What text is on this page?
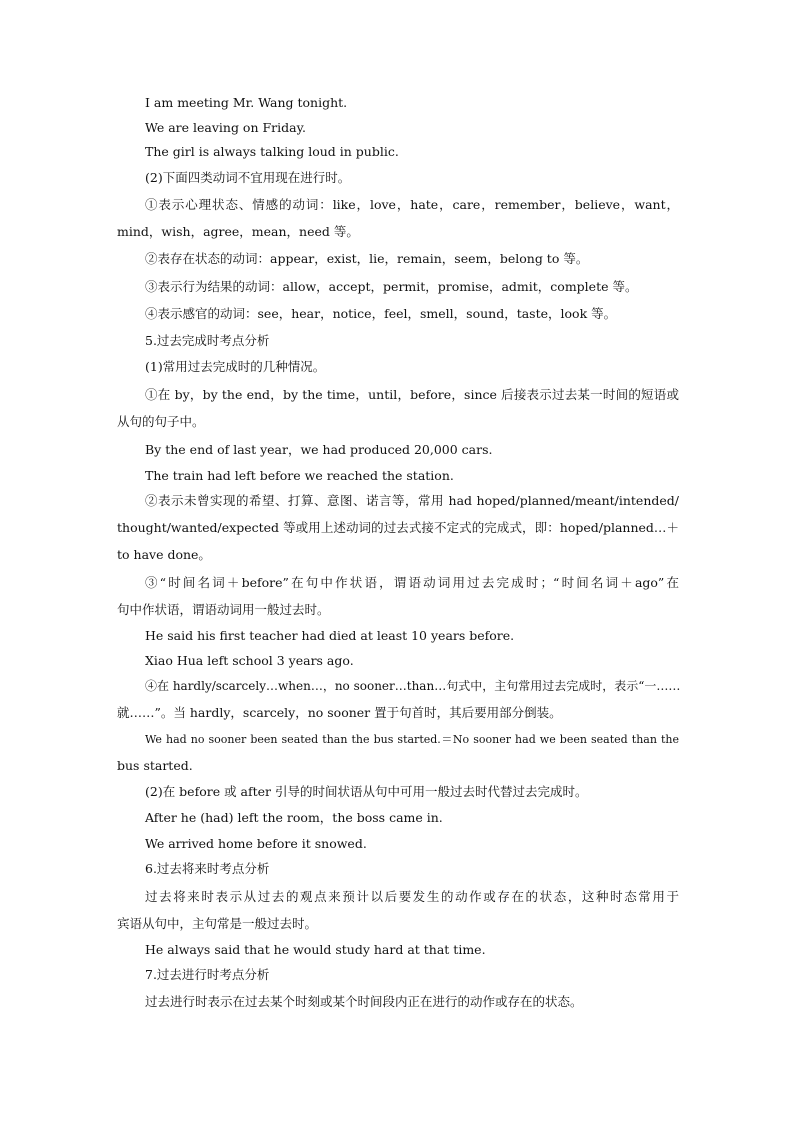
I am meeting Mr. Wang tonight.
We are leaving on Friday.
The girl is always talking loud in public.
(2)下面四类动词不宜用现在进行时。
①表示心理状态、情感的动词：like，love，hate，care，remember，believe，want，
mind，wish，agree，mean，need 等。
②表存在状态的动词：appear，exist，lie，remain，seem，belong to 等。
③表示行为结果的动词：allow，accept，permit，promise，admit，complete 等。
④表示感官的动词：see，hear，notice，feel，smell，sound，taste，look 等。
5.过去完成时考点分析
(1)常用过去完成时的几种情况。
①在 by，by the end，by the time，until，before，since 后接表示过去某一时间的短语或
从句的句子中。
By the end of last year，we had produced 20,000 cars.
The train had left before we reached the station.
②表示未曾实现的希望、打算、意图、诺言等，常用 had hoped/planned/meant/intended/
thought/wanted/expected 等或用上述动词的过去式接不定式的完成式，即：hoped/planned…＋
to have done。
③“时间名词＋before”在句中作状语，谓语动词用过去完成时；“时间名词＋ago”在
句中作状语，谓语动词用一般过去时。
He said his first teacher had died at least 10 years before.
Xiao Hua left school 3 years ago.
④在 hardly/scarcely…when…，no sooner…than…句式中，主句常用过去完成时，表示“一……
就……”。当 hardly，scarcely，no sooner 置于句首时，其后要用部分倒装。
We had no sooner been seated than the bus started.＝No sooner had we been seated than the
bus started.
(2)在 before 或 after 引导的时间状语从句中可用一般过去时代替过去完成时。
After he (had) left the room，the boss came in.
We arrived home before it snowed.
6.过去将来时考点分析
过去将来时表示从过去的观点来预计以后要发生的动作或存在的状态，这种时态常用于
宾语从句中，主句常是一般过去时。
He always said that he would study hard at that time.
7.过去进行时考点分析
过去进行时表示在过去某个时刻或某个时间段内正在进行的动作或存在的状态。
